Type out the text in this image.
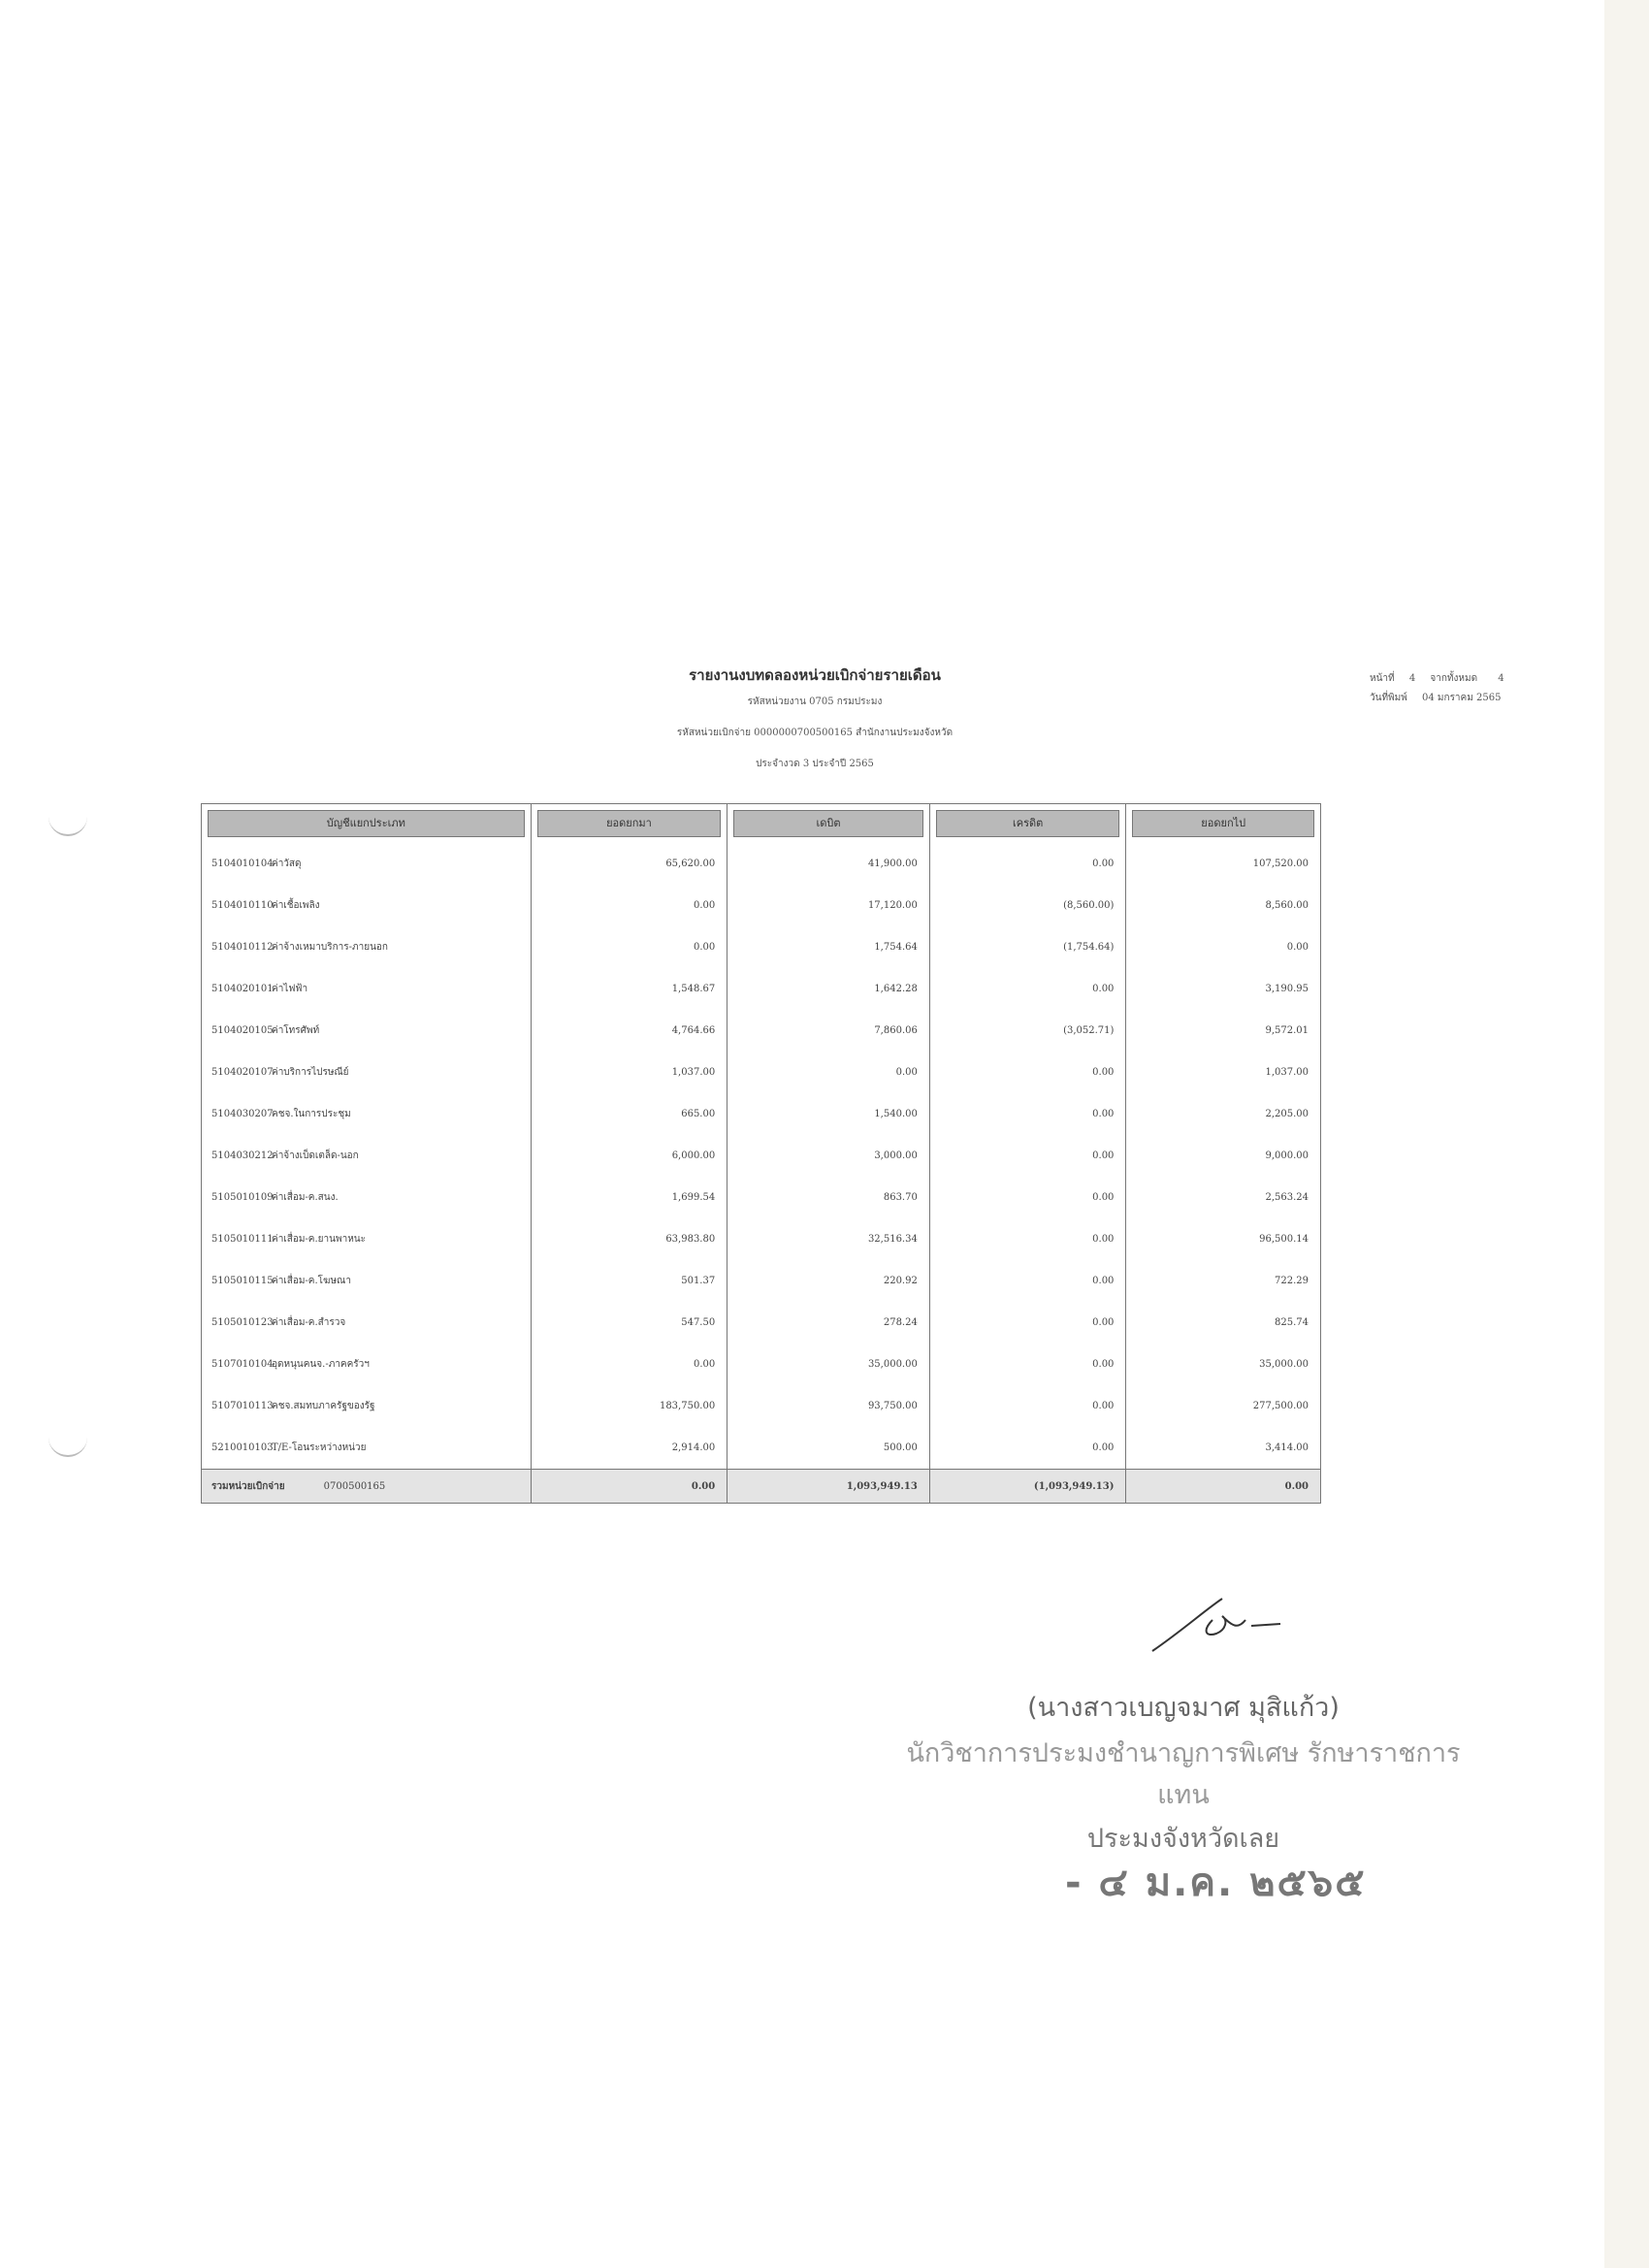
รายงานงบทดลองหน่วยเบิกจ่ายรายเดือน
รหัสหน่วยงาน 0705 กรมประมง
รหัสหน่วยเบิกจ่าย 0000000700500165 สำนักงานประมงจังหวัด
ประจำงวด 3 ประจำปี 2565
หน้าที่ 4 จากทั้งหมด 4
วันที่พิมพ์ 04 มกราคม 2565
บัญชีแยกประเภท	ยอดยกมา	เดบิต	เครดิต	ยอดยกไป

5104010104ค่าวัสดุ	65,620.00	41,900.00	0.00	107,520.00
5104010110ค่าเชื้อเพลิง	0.00	17,120.00	(8,560.00)	8,560.00
5104010112ค่าจ้างเหมาบริการ-ภายนอก	0.00	1,754.64	(1,754.64)	0.00
5104020101ค่าไฟฟ้า	1,548.67	1,642.28	0.00	3,190.95
5104020105ค่าโทรศัพท์	4,764.66	7,860.06	(3,052.71)	9,572.01
5104020107ค่าบริการไปรษณีย์	1,037.00	0.00	0.00	1,037.00
5104030207คชจ.ในการประชุม	665.00	1,540.00	0.00	2,205.00
5104030212ค่าจ้างเบ็ดเตล็ด-นอก	6,000.00	3,000.00	0.00	9,000.00
5105010109ค่าเสื่อม-ค.สนง.	1,699.54	863.70	0.00	2,563.24
5105010111ค่าเสื่อม-ค.ยานพาหนะ	63,983.80	32,516.34	0.00	96,500.14
5105010115ค่าเสื่อม-ค.โฆษณา	501.37	220.92	0.00	722.29
5105010123ค่าเสื่อม-ค.สำรวจ	547.50	278.24	0.00	825.74
5107010104อุดหนุนคนจ.-ภาคครัวฯ	0.00	35,000.00	0.00	35,000.00
5107010113คชจ.สมทบภาครัฐของรัฐ	183,750.00	93,750.00	0.00	277,500.00
5210010103T/E-โอนระหว่างหน่วย	2,914.00	500.00	0.00	3,414.00
รวมหน่วยเบิกจ่าย 0700500165	0.00	1,093,949.13	(1,093,949.13)	0.00
(นางสาวเบญจมาศ มุสิแก้ว)
นักวิชาการประมงชำนาญการพิเศษ รักษาราชการแทน
ประมงจังหวัดเลย
- ๔ ม.ค. ๒๕๖๕
